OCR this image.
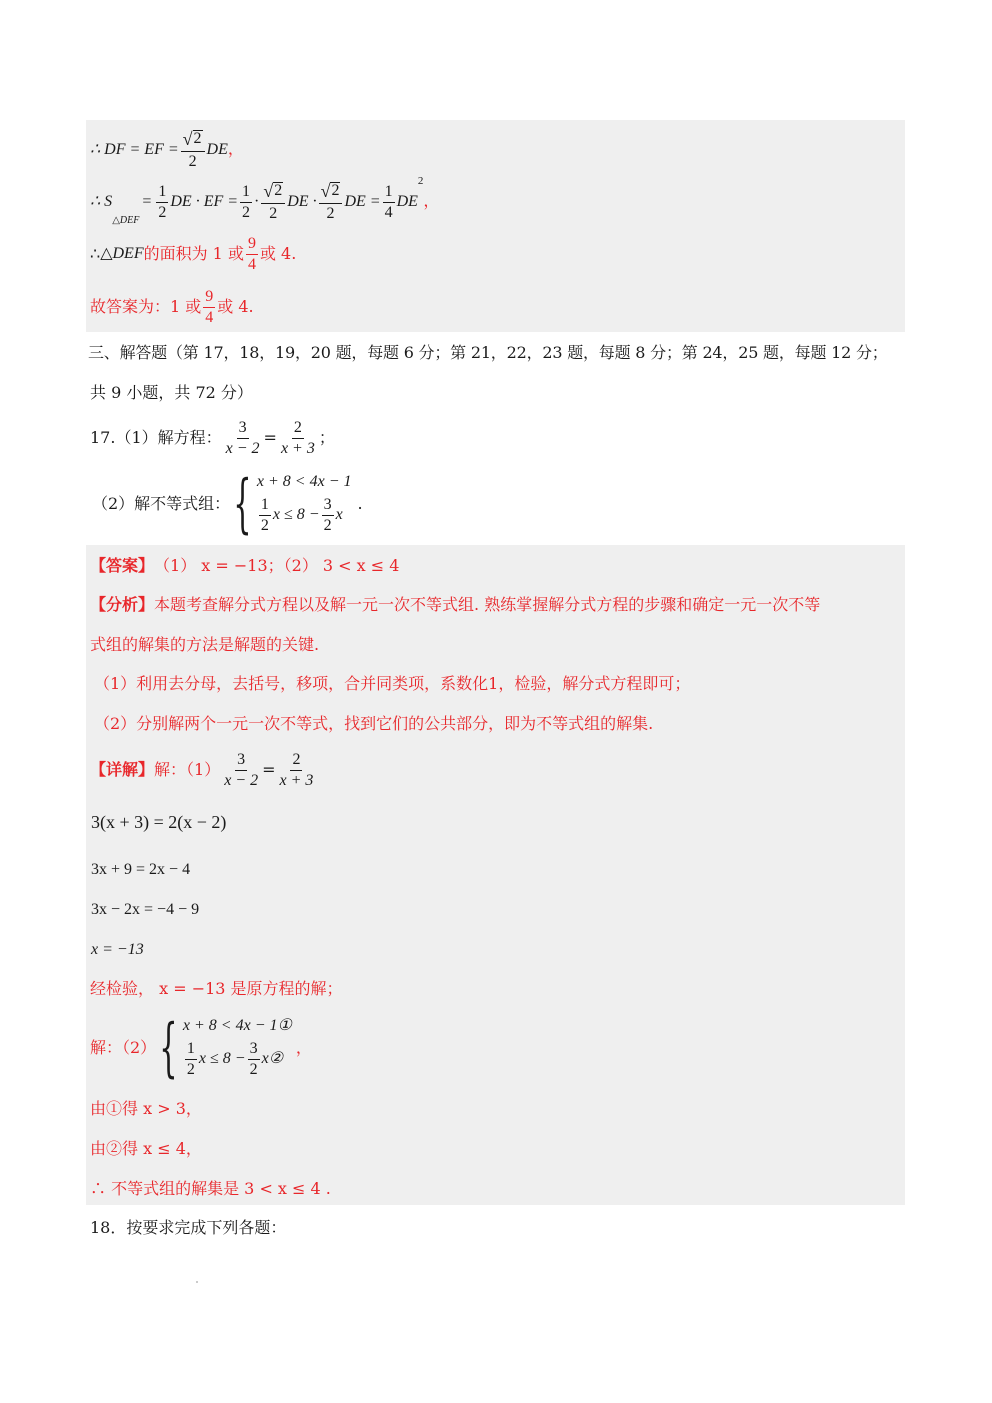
∴ DF = EF = $\frac{√ 2}{2}$ DE ，
∴ S
△DEF
= $\frac{1}{2}$ DE · EF = $\frac{1}{2} \cdot \frac{√ 2}{2}$ DE · $\frac{√ 2}{2}$ DE = $\frac{1}{4}$ DE
2
，
∴ △DEF 的面积为 1 或 $\frac{9}{4}$ 或 4.
故答案为：1 或 $\frac{9}{4}$ 或 4.
三、解答题（第 17，18，19，20 题，每题 6 分；第 21，22，23 题，每题 8 分；第 24，25 题，每题 12 分；
共 9 小题，共 72 分）
17.（1）解方程： $\frac{3}{x - 2} = \frac{2}{x + 3}$ ；
（2）解不等式组： { x + 8 < 4x − 1
$\frac{1}{2}$ $x \le 8 - \frac{3}{2}$ x
.
【答案】 （1） x = −13；（2） 3 < x ≤ 4
【分析】 本题考查解分式方程以及解一元一次不等式组. 熟练掌握解分式方程的步骤和确定一元一次不等
式组的解集的方法是解题的关键.
（1）利用去分母，去括号，移项，合并同类项，系数化1，检验，解分式方程即可；
（2）分别解两个一元一次不等式，找到它们的公共部分，即为不等式组的解集.
【详解】 解：$(1) \frac{3}{x - 2} = \frac{2}{x + 3}$
3(x + 3) = 2(x − 2)
3x + 9 = 2x − 4
3x − 2x = −4 − 9
x = −13
经检验， x = −13 是原方程的解；
解：（2） { x + 8 < 4x − 1①
$\frac{1}{2}$ $x \le 8 - \frac{3}{2}$ x②
，
由①得 x > 3，
由②得 x ≤ 4，
∴ 不等式组的解集是 3 < x ≤ 4 .
18．按要求完成下列各题：
